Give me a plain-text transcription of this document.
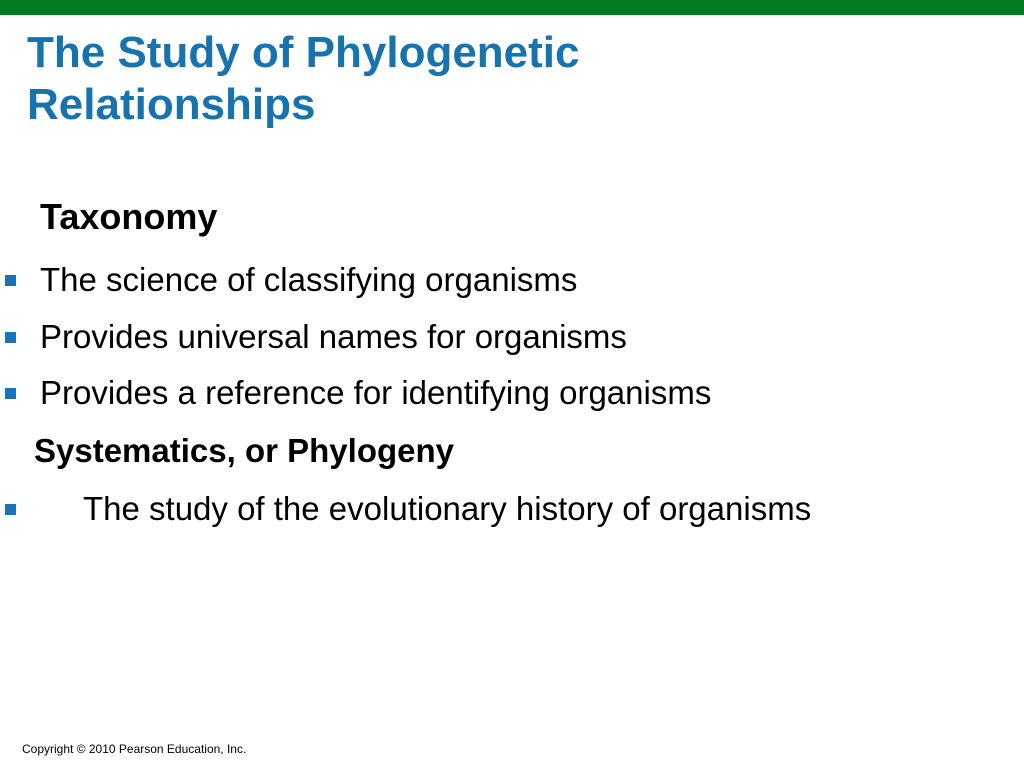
The Study of Phylogenetic
Relationships
Taxonomy
The science of classifying organisms
Provides universal names for organisms
Provides a reference for identifying organisms
Systematics, or Phylogeny
The study of the evolutionary history of organisms
Copyright © 2010 Pearson Education, Inc.
